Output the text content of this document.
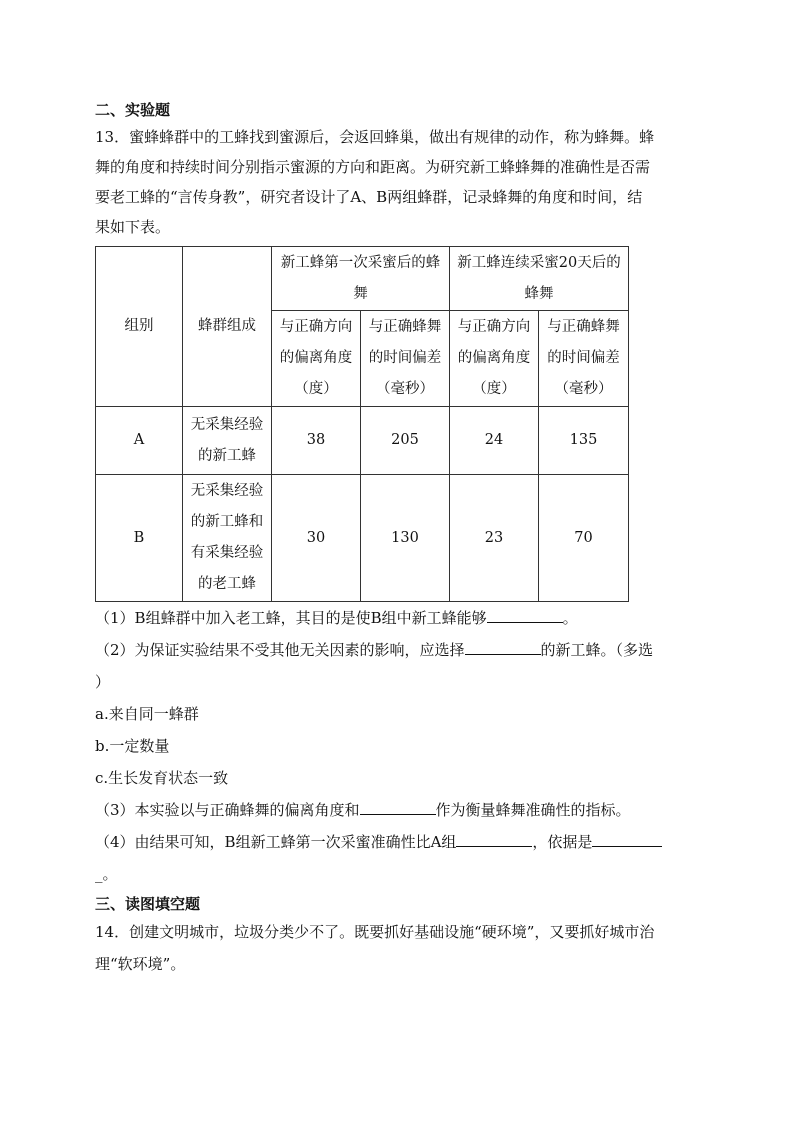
二、实验题
13．蜜蜂蜂群中的工蜂找到蜜源后，会返回蜂巢，做出有规律的动作，称为蜂舞。蜂
舞的角度和持续时间分别指示蜜源的方向和距离。为研究新工蜂蜂舞的准确性是否需
要老工蜂的“言传身教”，研究者设计了A、B两组蜂群，记录蜂舞的角度和时间，结
果如下表。
组别	蜂群组成	新工蜂第一次采蜜后的蜂舞		新工蜂连续采蜜20天后的蜂舞	
		与正确方向的偏离角度（度）	与正确蜂舞的时间偏差（毫秒）	与正确方向的偏离角度（度）	与正确蜂舞的时间偏差（毫秒）
A	无采集经验的新工蜂	38	205	24	135
B	无采集经验的新工蜂和有采集经验的老工蜂	30	130	23	70
（1）B组蜂群中加入老工蜂，其目的是使B组中新工蜂能够	。
（2）为保证实验结果不受其他无关因素的影响，应选择	的新工蜂。（多选
）
a.来自同一蜂群
b.一定数量
c.生长发育状态一致
（3）本实验以与正确蜂舞的偏离角度和	作为衡量蜂舞准确性的指标。
（4）由结果可知，B组新工蜂第一次采蜜准确性比A组	，依据是
_。
三、读图填空题
14．创建文明城市，垃圾分类少不了。既要抓好基础设施“硬环境”，又要抓好城市治
理“软环境”。
